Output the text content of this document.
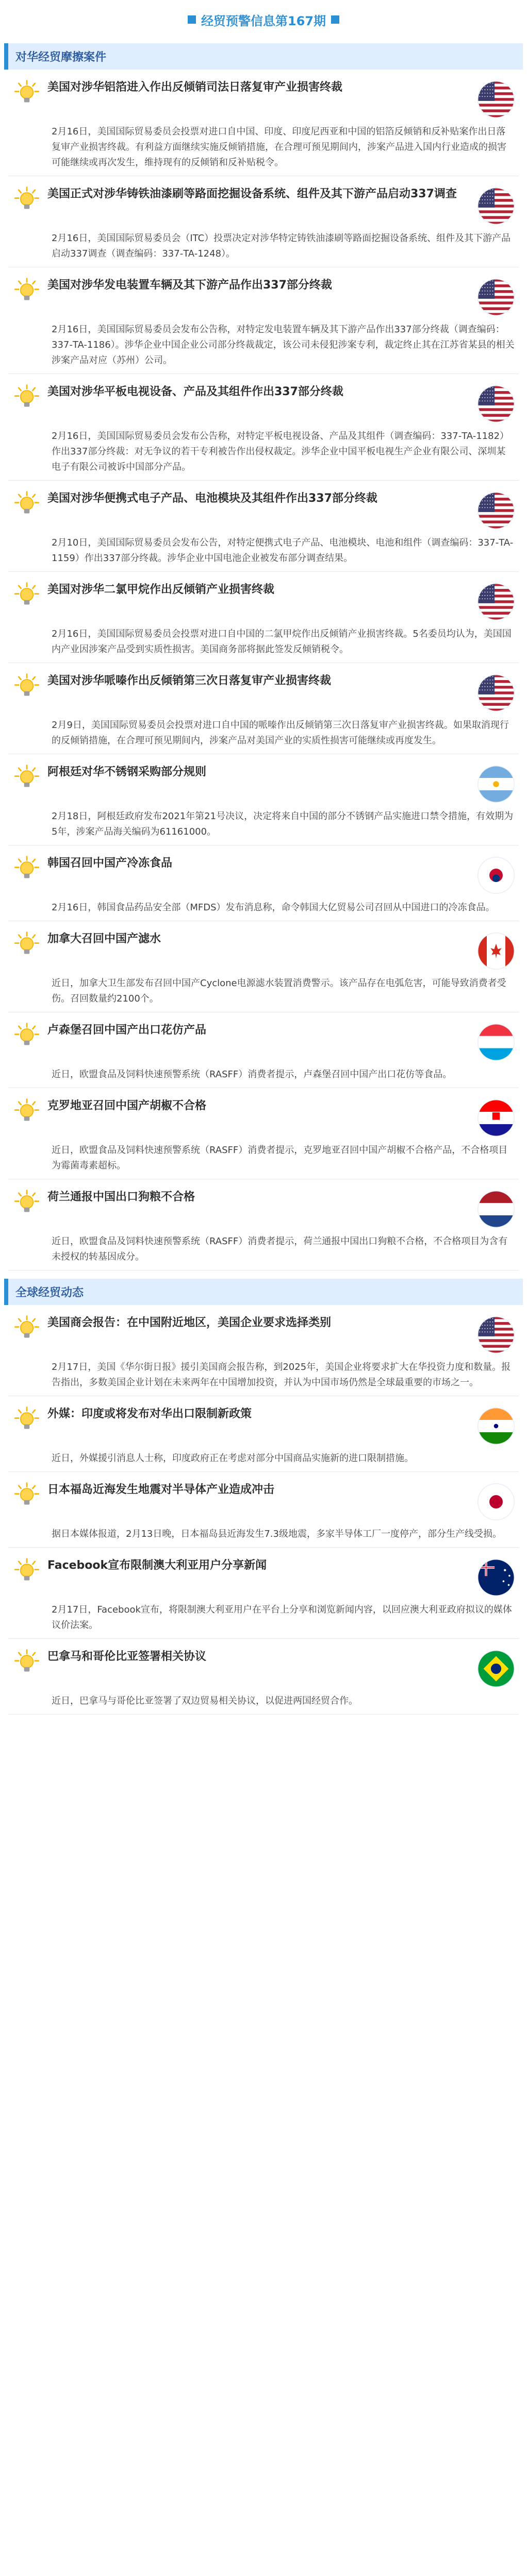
经贸预警信息第167期
对华经贸摩擦案件
美国对涉华铝箔进入作出反倾销司法日落复审产业损害终裁
2月16日，美国国际贸易委员会投票对进口自中国、印度、印度尼西亚和中国的铝箔反倾销和反补贴案作出日落复审产业损害终裁。有利益方面继续实施反倾销措施，在合理可预见期间内，涉案产品进入国内行业造成的损害可能继续或再次发生，维持现有的反倾销和反补贴税令。
美国正式对涉华铸铁油漆刷等路面挖掘设备系统、组件及其下游产品启动337调查
2月16日，美国国际贸易委员会（ITC）投票决定对涉华特定铸铁油漆刷等路面挖掘设备系统、组件及其下游产品启动337调查（调查编码：337-TA-1248）。
美国对涉华发电装置车辆及其下游产品作出337部分终裁
2月16日，美国国际贸易委员会发布公告称，对特定发电装置车辆及其下游产品作出337部分终裁（调查编码：337-TA-1186）。涉华企业中国企业公司部分终裁裁定，该公司未侵犯涉案专利，裁定终止其在江苏省某县的相关涉案产品对应（苏州）公司。
美国对涉华平板电视设备、产品及其组件作出337部分终裁
2月16日，美国国际贸易委员会发布公告称，对特定平板电视设备、产品及其组件（调查编码：337-TA-1182）作出337部分终裁：对无争议的若干专利被告作出侵权裁定。涉华企业中国平板电视生产企业有限公司、深圳某电子有限公司被诉中国部分产品。
美国对涉华便携式电子产品、电池模块及其组件作出337部分终裁
2月10日，美国国际贸易委员会发布公告，对特定便携式电子产品、电池模块、电池和组件（调查编码：337-TA-1159）作出337部分终裁。涉华企业中国电池企业被发布部分调查结果。
美国对涉华二氯甲烷作出反倾销产业损害终裁
2月16日，美国国际贸易委员会投票对进口自中国的二氯甲烷作出反倾销产业损害终裁。5名委员均认为，美国国内产业因涉案产品受到实质性损害。美国商务部将据此签发反倾销税令。
美国对涉华哌嗪作出反倾销第三次日落复审产业损害终裁
2月9日，美国国际贸易委员会投票对进口自中国的哌嗪作出反倾销第三次日落复审产业损害终裁。如果取消现行的反倾销措施，在合理可预见期间内，涉案产品对美国产业的实质性损害可能继续或再度发生。
阿根廷对华不锈钢采购部分规则
2月18日，阿根廷政府发布2021年第21号决议，决定将来自中国的部分不锈钢产品实施进口禁令措施，有效期为5年，涉案产品海关编码为61161000。
韩国召回中国产冷冻食品
2月16日，韩国食品药品安全部（MFDS）发布消息称，命令韩国大亿贸易公司召回从中国进口的冷冻食品。
加拿大召回中国产滤水
近日，加拿大卫生部发布召回中国产Cyclone电源滤水装置消费警示。该产品存在电弧危害，可能导致消费者受伤。召回数量约2100个。
卢森堡召回中国产出口花仿产品
近日，欧盟食品及饲料快速预警系统（RASFF）消费者提示，卢森堡召回中国产出口花仿等食品。
克罗地亚召回中国产胡椒不合格
近日，欧盟食品及饲料快速预警系统（RASFF）消费者提示，克罗地亚召回中国产胡椒不合格产品，不合格项目为霉菌毒素超标。
荷兰通报中国出口狗粮不合格
近日，欧盟食品及饲料快速预警系统（RASFF）消费者提示，荷兰通报中国出口狗粮不合格，不合格项目为含有未授权的转基因成分。
全球经贸动态
美国商会报告：在中国附近地区，美国企业要求选择类别
2月17日，美国《华尔街日报》援引美国商会报告称，到2025年，美国企业将要求扩大在华投资力度和数量。报告指出，多数美国企业计划在未来两年在中国增加投资，并认为中国市场仍然是全球最重要的市场之一。
外媒：印度或将发布对华出口限制新政策
近日，外媒援引消息人士称，印度政府正在考虑对部分中国商品实施新的进口限制措施。
日本福岛近海发生地震对半导体产业造成冲击
据日本媒体报道，2月13日晚，日本福岛县近海发生7.3级地震，多家半导体工厂一度停产，部分生产线受损。
Facebook宣布限制澳大利亚用户分享新闻
2月17日，Facebook宣布，将限制澳大利亚用户在平台上分享和浏览新闻内容，以回应澳大利亚政府拟议的媒体议价法案。
巴拿马和哥伦比亚签署相关协议
近日，巴拿马与哥伦比亚签署了双边贸易相关协议，以促进两国经贸合作。
